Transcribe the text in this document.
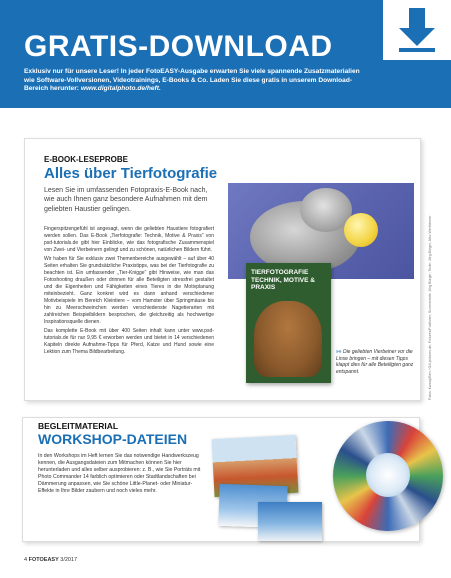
GRATIS-DOWNLOAD
Exklusiv nur für unsere Leser! In jeder FotoEASY-Ausgabe erwarten Sie viele spannende Zusatzmaterialien wie Software-Vollversionen, Videotrainings, E-Books & Co. Laden Sie diese gratis in unserem Download-Bereich herunter: www.digitalphoto.de/heft.
E-BOOK-LESEPROBE
Alles über Tierfotografie
Lesen Sie im umfassenden Fotopraxis-E-Book nach, wie auch Ihnen ganz besondere Aufnahmen mit dem geliebten Haustier gelingen.

Fingerspitzengefühl ist angesagt, wenn die geliebten Haustiere fotografiert werden sollen. Das E-Book „Tierfotografie: Technik, Motive & Praxis“ von psd-tutorials.de gibt hier Einblicke, wie das fotografische Zusammenspiel von Zwei- und Vierbeinern gelingt und zu schönen, natürlichen Bildern führt.

Wir haben für Sie exklusiv zwei Themenbereiche ausgewählt – auf über 40 Seiten erhalten Sie grundsätzliche Praxistipps, was bei der Tierfotografie zu beachten ist. Ein umfassender „Tier-Knigge“ gibt Hinweise, wie man das Fotoshooting draußen oder drinnen für alle Beteiligten stressfrei gestaltet und die Eigenheiten und Fähigkeiten eines Tieres in die Motivplanung miteinbezieht. Ganz konkret wird es dann anhand verschiedener Motivbeispiele im Bereich Kleintiere – vom Hamster über Springmäuse bis hin zu Meerschweinchen werden verschiedenste Nagetierarten mit zahlreichen Beispielbildern besprochen, die gleichzeitig als hochwertige Inspirationsquelle dienen.

Das komplette E-Book mit über 400 Seiten inhalt kann unter www.psd-tutorials.de für nur 9,95 € erworben werden und bietet in 14 verschiedenen Kapiteln direkte Aufnahme-Tipps für Pferd, Katze und Hund sowie eine Lektion zum Thema Bildbearbeitung.

TIERFOTOGRAFIE TECHNIK, MOTIVE & PRAXIS
»» Die geliebten Vierbeiner vor die Linse bringen – mit diesen Tipps klappt dies für alle Beteiligten ganz entspannt.	Fotos: Kamaji/Ben / Gill-pictures.de; Pictures/Publisher; Screenshots: Jörg Bürger; Texte: Jörg Bürger, Alex Wertheimer
BEGLEITMATERIAL
WORKSHOP-DATEIEN
In den Workshops im Heft lernen Sie das notwendige Handwerkszeug kennen, die Ausgangsdateien zum Mitmachen können Sie hier herunterladen und alles selber ausprobieren: z. B., wie Sie Porträts mit Photo Commander 14 farblich optimieren oder Stadtlandschaften bei Dämmerung anpassen, wie Sie schöne Little-Planet- oder Miniatur-Effekte in Ihre Bilder zaubern und noch vieles mehr.
4 FOTOEASY 3/2017
